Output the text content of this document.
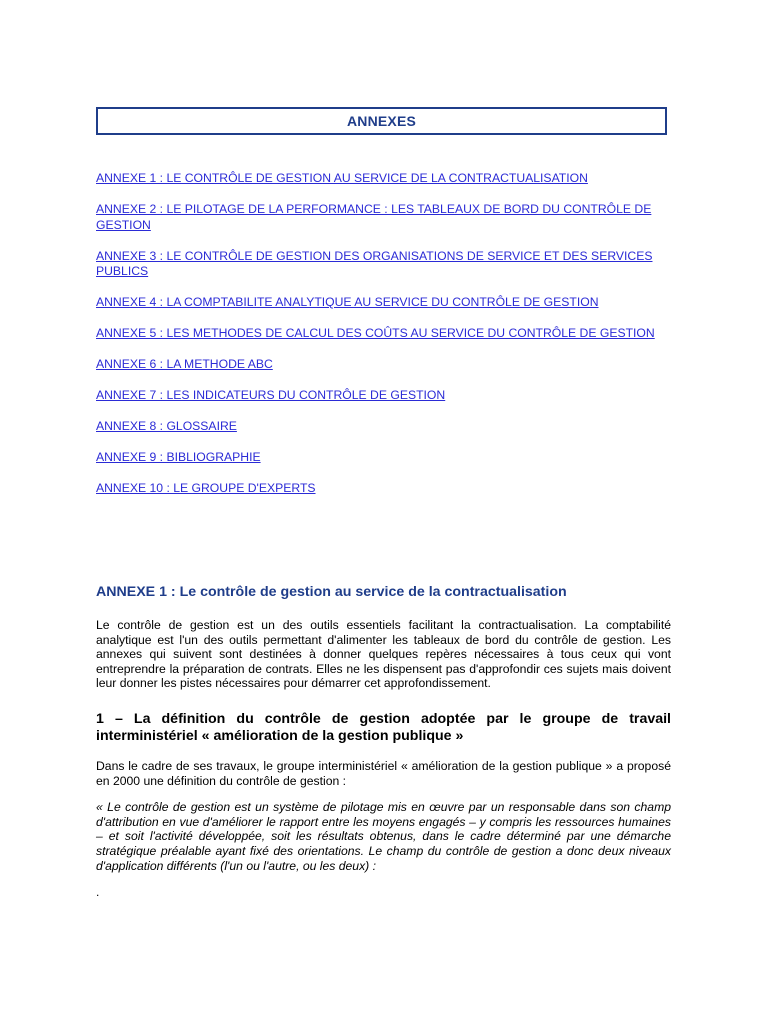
ANNEXES
ANNEXE 1 : LE CONTRÔLE DE GESTION AU SERVICE DE LA CONTRACTUALISATION
ANNEXE 2 : LE PILOTAGE DE LA PERFORMANCE : LES TABLEAUX DE BORD DU CONTRÔLE DE GESTION
ANNEXE 3 : LE CONTRÔLE DE GESTION DES ORGANISATIONS DE SERVICE ET DES SERVICES PUBLICS
ANNEXE 4 : LA COMPTABILITE ANALYTIQUE AU SERVICE DU CONTRÔLE DE GESTION
ANNEXE 5 : LES METHODES DE CALCUL DES COÛTS AU SERVICE DU CONTRÔLE DE GESTION
ANNEXE 6 : LA METHODE ABC
ANNEXE 7 : LES INDICATEURS DU CONTRÔLE DE GESTION
ANNEXE 8 : GLOSSAIRE
ANNEXE 9 : BIBLIOGRAPHIE
ANNEXE 10 : LE GROUPE D'EXPERTS
ANNEXE 1 : Le contrôle de gestion au service de la contractualisation

Le contrôle de gestion est un des outils essentiels facilitant la contractualisation. La comptabilité analytique est l'un des outils permettant d'alimenter les tableaux de bord du contrôle de gestion. Les annexes qui suivent sont destinées à donner quelques repères nécessaires à tous ceux qui vont entreprendre la préparation de contrats. Elles ne les dispensent pas d'approfondir ces sujets mais doivent leur donner les pistes nécessaires pour démarrer cet approfondissement.

1 – La définition du contrôle de gestion adoptée par le groupe de travail interministériel « amélioration de la gestion publique »

Dans le cadre de ses travaux, le groupe interministériel « amélioration de la gestion publique » a proposé en 2000 une définition du contrôle de gestion :

« Le contrôle de gestion est un système de pilotage mis en œuvre par un responsable dans son champ d'attribution en vue d'améliorer le rapport entre les moyens engagés – y compris les ressources humaines – et soit l'activité développée, soit les résultats obtenus, dans le cadre déterminé par une démarche stratégique préalable ayant fixé des orientations. Le champ du contrôle de gestion a donc deux niveaux d'application différents (l'un ou l'autre, ou les deux) :

.
